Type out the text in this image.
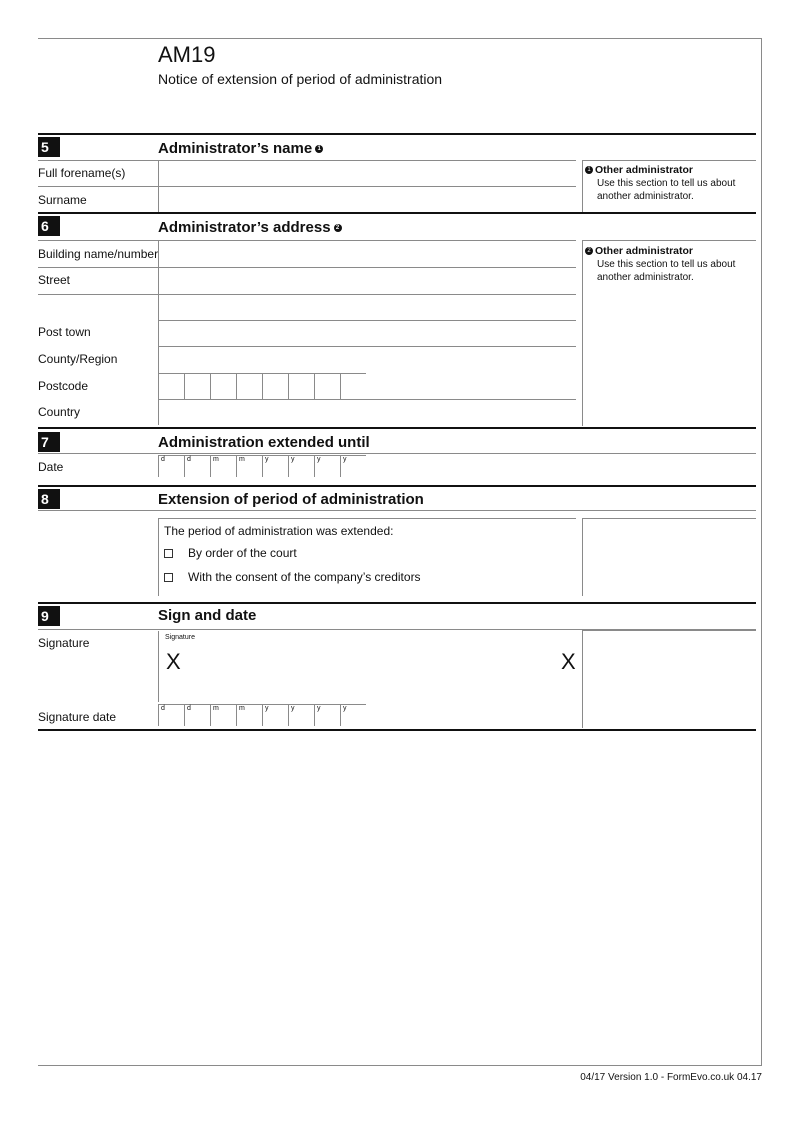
AM19
Notice of extension of period of administration
5	Administrator’s name 1
Full forename(s)
Surname
1 Other administrator
Use this section to tell us about
another administrator.
6	Administrator’s address 2
Building name/number
Street
Post town
County/Region
Postcode
Country
2 Other administrator
Use this section to tell us about
another administrator.
7	Administration extended until
Date
d	d	m	m	y	y	y	y
8	Extension of period of administration
The period of administration was extended:
By order of the court
With the consent of the company’s creditors
9	Sign and date
Signature	Signature
X	X
Signature date
d	d	m	m	y	y	y	y
04/17 Version 1.0 - FormEvo.co.uk 04.17
